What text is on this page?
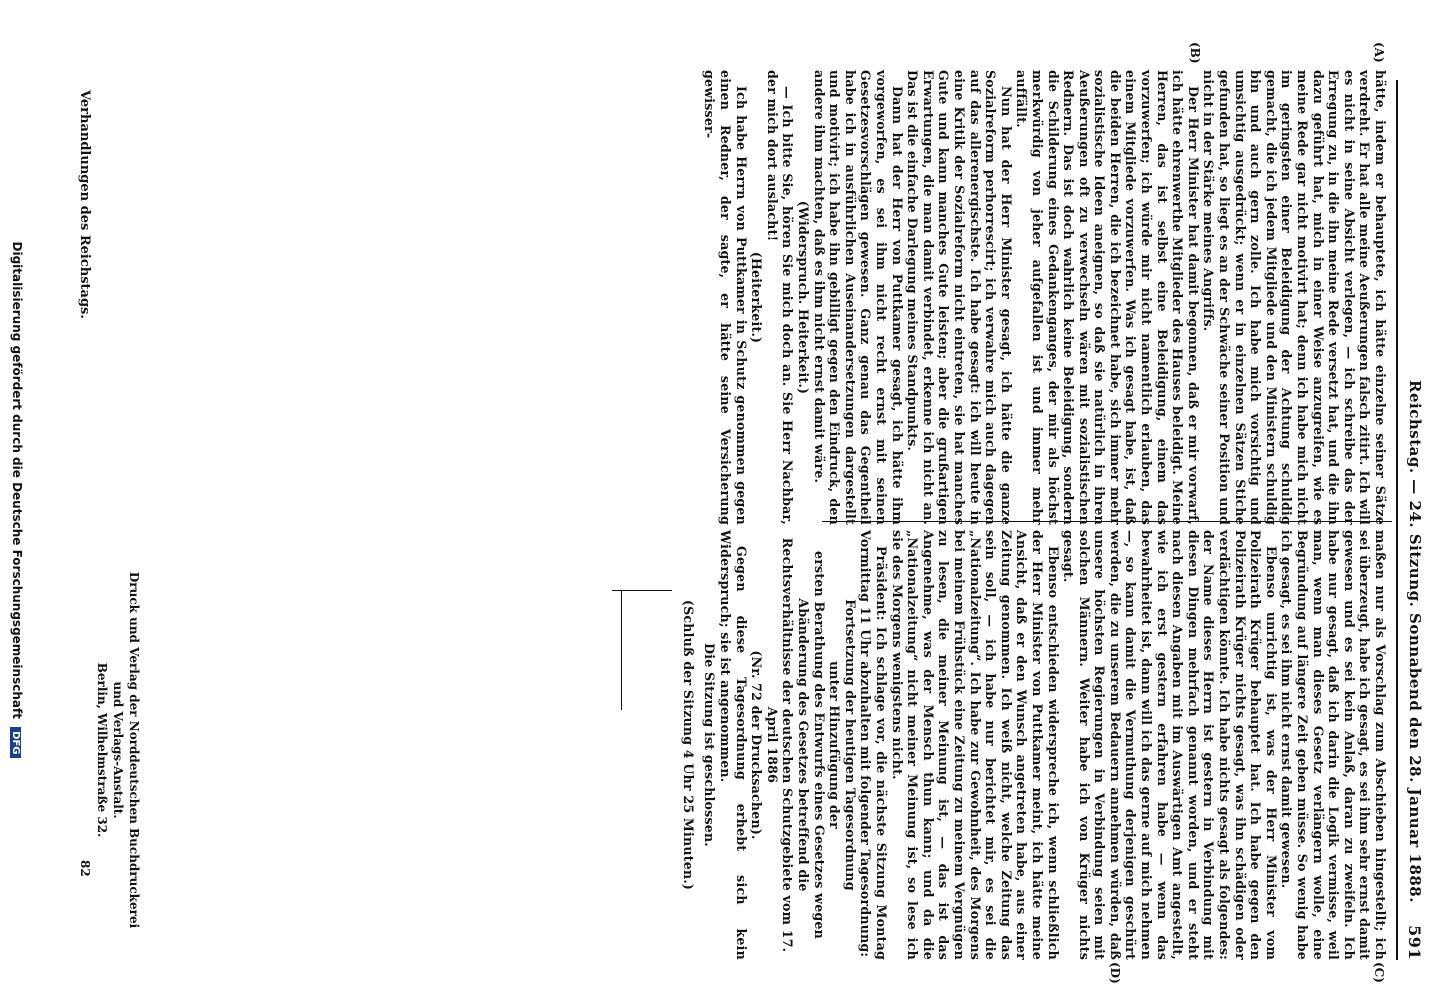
Reichstag. — 24. Sitzung. Sonnabend den 28. Januar 1888.
591
(A)
(B)
(C)
(D)

hätte, indem er behauptete, ich hätte einzelne seiner Sätze verdreht. Er hat alle meine Aeußerungen falsch zitirt. Ich will es nicht in seine Absicht verlegen, — ich schreibe das der Erregung zu, in die ihn meine Rede versetzt hat, und die ihn dazu geführt hat, mich in einer Weise anzugreifen, wie es meine Rede gar nicht motivirt hat; denn ich habe mich nicht im geringsten einer Beleidigung der Achtung schuldig gemacht, die ich jedem Mitgliede und den Ministern schuldig bin und auch gern zolle. Ich habe mich vorsichtig und umsichtig ausgedrückt; wenn er in einzelnen Sätzen Stiche gefunden hat, so liegt es an der Schwäche seiner Position und nicht in der Stärke meines Angriffs.

Der Herr Minister hat damit begonnen, daß er mir vorwarf, ich hätte ehrenwerthe Mitglieder des Hauses beleidigt. Meine Herren, das ist selbst eine Beleidigung, einem das vorzuwerfen; ich würde mir nicht namentlich erlauben, das einem Mitgliede vorzuwerfen. Was ich gesagt habe, ist, daß die beiden Herren, die ich bezeichnet habe, sich immer mehr sozialistische Ideen aneignen, so daß sie natürlich in ihren Aeußerungen oft zu verwechseln wären mit sozialistischen Rednern. Das ist doch wahrlich keine Beleidigung, sondern die Schilderung eines Gedankenganges, der mir als höchst merkwürdig von jeher aufgefallen ist und immer mehr auffällt.

Nun hat der Herr Minister gesagt, ich hätte die ganze Sozialreform perhorrescirt; ich verwahre mich auch dagegen auf das allerenergischste. Ich habe gesagt: ich will heute in eine Kritik der Sozialreform nicht eintreten, sie hat manches Gute und kann manches Gute leisten; aber die grußartigen Erwartungen, die man damit verbindet, erkenne ich nicht an. Das ist die einfache Darlegung meines Standpunkts.

Dann hat der Herr von Puttkamer gesagt, ich hätte ihm vorgeworfen, es sei ihm nicht recht ernst mit seinen Gesetzesvorschlägen gewesen. Ganz genau das Gegentheil habe ich in ausführlichen Auseinandersetzungen dargestellt und motivirt; ich habe ihn gebilligt gegen den Eindruck, den andere ihm machten, daß es ihm nicht ernst damit wäre.

(Widerspruch. Heiterkeit.)

— Ich bitte Sie, hören Sie mich doch an. Sie Herr Nachbar, der mich dort auslacht!

(Heiterkeit.)

Ich habe Herrn von Puttkamer in Schutz genommen gegen einen Redner, der sagte, er hätte seine Versicherung gewisser-

maßen nur als Vorschlag zum Abschieben hingestellt; ich sei überzeugt, habe ich gesagt, es sei ihm sehr ernst damit gewesen und es sei kein Anlaß, daran zu zweifeln. Ich habe nur gesagt, daß ich darin die Logik vermisse, weil man, wenn man dieses Gesetz verlängern wolle, eine Begründung auf längere Zeit geben müsse. So wenig habe ich gesagt, es sei ihm nicht ernst damit gewesen.

Ebenso unrichtig ist, was der Herr Minister vom Polizeirath Krüger behauptet hat. Ich habe gegen den Polizeirath Krüger nichts gesagt, was ihn schädigen oder verdächtigen könnte. Ich habe nichts gesagt als folgendes: der Name dieses Herrn ist gestern in Verbindung mit diesen Dingen mehrfach genannt worden, und er steht nach diesen Angaben mit im Auswärtigen Amt angestellt, wie ich erst gestern erfahren habe — wenn das bewahrheitet ist, dann will ich das gerne auf mich nehmen —, so kann damit die Vermuthung derjenigen geschürt werden, die zu unserem Bedauern annehmen würden, daß unsere höchsten Regierungen in Verbindung seien mit solchen Männern. Weiter habe ich von Krüger nichts gesagt.

Ebenso entschieden widerspreche ich, wenn schließlich der Herr Minister von Puttkamer meint, ich hätte meine Ansicht, daß er den Wunsch angetreten habe, aus einer Zeitung genommen. Ich weiß nicht, welche Zeitung das sein soll, — ich habe nur berichtet mir, es sei die „Nationalzeitung“. Ich habe zur Gewohnheit, des Morgens bei meinem Frühstück eine Zeitung zu meinem Vergnügen zu lesen, die meiner Meinung ist, — das ist das Angenehme, was der Mensch thun kann; und da die „Nationalzeitung“ nicht meiner Meinung ist, so lese ich sie des Morgens wenigstens nicht.

Präsident: Ich schlage vor, die nächste Sitzung Montag Vormittag 11 Uhr abzuhalten mit folgender Tagesordnung:

Fortsetzung der heutigen Tagesordnung

unter Hinzufügung der

ersten Berathung des Entwurfs eines Gesetzes wegen Abänderung des Gesetzes betreffend die Rechtsverhältnisse der deutschen Schutzgebiete vom 17. April 1886

(Nr. 72 der Drucksachen).

Gegen diese Tagesordnung erhebt sich kein Widerspruch; sie ist angenommen.

Die Sitzung ist geschlossen.

(Schluß der Sitzung 4 Uhr 25 Minuten.)

Verhandlungen des Reichstags.
Druck und Verlag der Norddeutschen Buchdruckerei und Verlags-Anstalt.
Berlin, Wilhelmstraße 32.
82
Digitalisierung gefördert durch die Deutsche Forschungsgemeinschaft DFG
